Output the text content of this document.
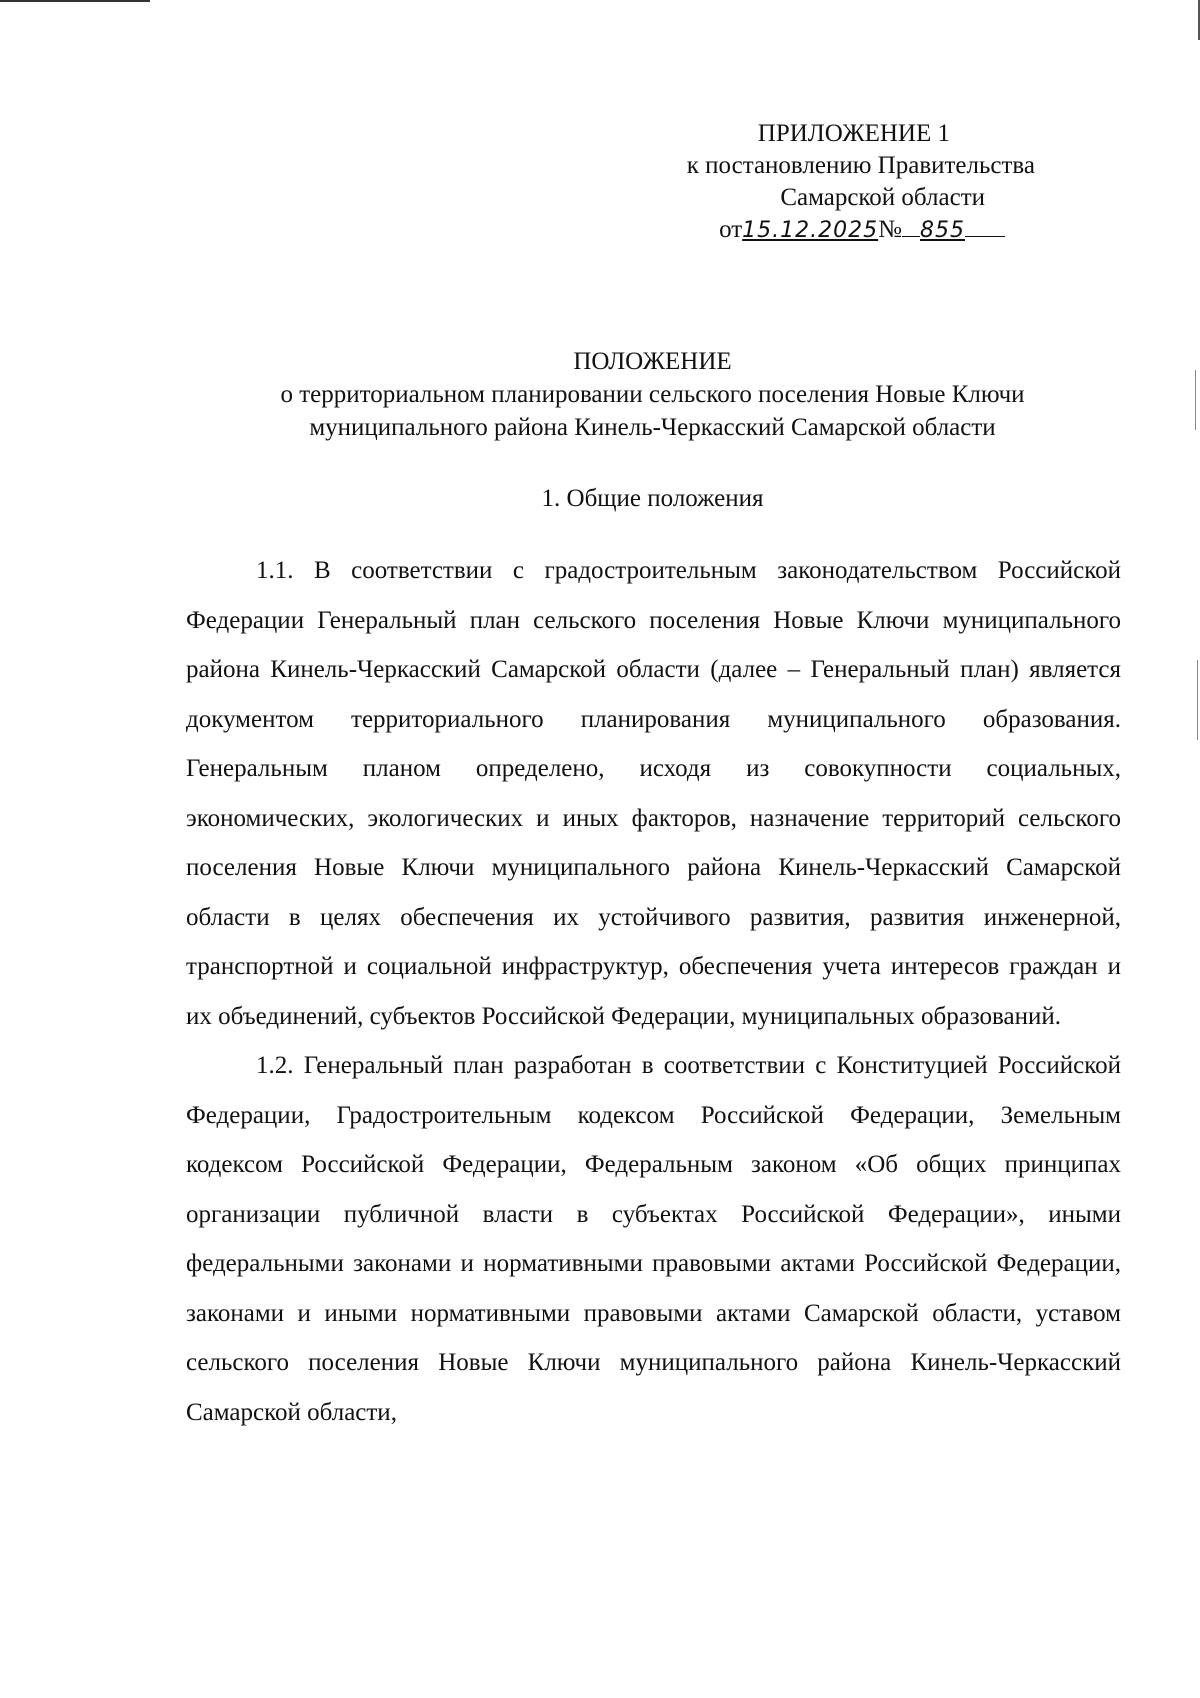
ПРИЛОЖЕНИЕ 1
к постановлению Правительства
Самарской области
от15.12.2025№ 855
ПОЛОЖЕНИЕ
о территориальном планировании сельского поселения Новые Ключи
муниципального района Кинель-Черкасский Самарской области
1. Общие положения

1.1. В соответствии с градостроительным законодательством Российской Федерации Генеральный план сельского поселения Новые Ключи муниципального района Кинель-Черкасский Самарской области (далее – Генеральный план) является документом территориального планирования муниципального образования. Генеральным планом определено, исходя из совокупности социальных, экономических, экологических и иных факторов, назначение территорий сельского поселения Новые Ключи муниципального района Кинель-Черкасский Самарской области в целях обеспечения их устойчивого развития, развития инженерной, транспортной и социальной инфраструктур, обеспечения учета интересов граждан и их объединений, субъектов Российской Федерации, муниципальных образований.

1.2. Генеральный план разработан в соответствии с Конституцией Российской Федерации, Градостроительным кодексом Российской Федерации, Земельным кодексом Российской Федерации, Федеральным законом «Об общих принципах организации публичной власти в субъектах Российской Федерации», иными федеральными законами и нормативными правовыми актами Российской Федерации, законами и иными нормативными правовыми актами Самарской области, уставом сельского поселения Новые Ключи муниципального района Кинель-Черкасский Самарской области,
